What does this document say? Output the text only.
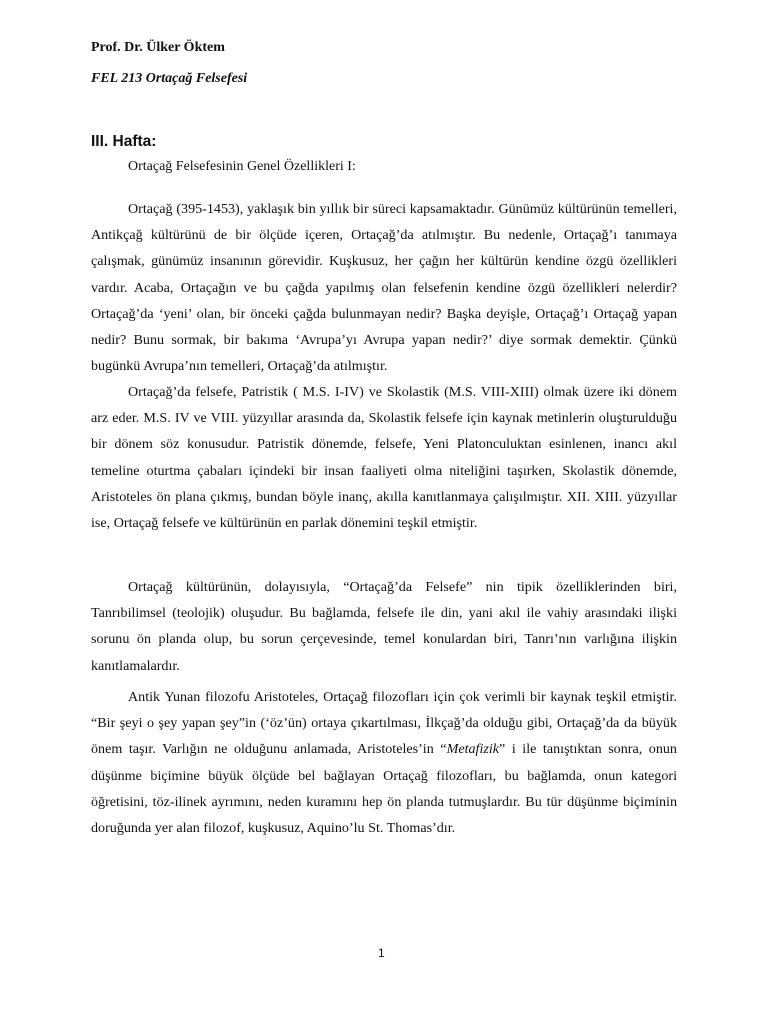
Prof. Dr. Ülker Öktem
FEL 213 Ortaçağ Felsefesi
III. Hafta:
Ortaçağ Felsefesinin Genel Özellikleri I:

Ortaçağ (395-1453), yaklaşık bin yıllık bir süreci kapsamaktadır. Günümüz kültürünün temelleri, Antikçağ kültürünü de bir ölçüde içeren, Ortaçağ’da atılmıştır. Bu nedenle, Ortaçağ’ı tanımaya çalışmak, günümüz insanının görevidir. Kuşkusuz, her çağın her kültürün kendine özgü özellikleri vardır. Acaba, Ortaçağın ve bu çağda yapılmış olan felsefenin kendine özgü özellikleri nelerdir? Ortaçağ’da ‘yeni’ olan, bir önceki çağda bulunmayan nedir? Başka deyişle, Ortaçağ’ı Ortaçağ yapan nedir? Bunu sormak, bir bakıma ‘Avrupa’yı Avrupa yapan nedir?’ diye sormak demektir. Çünkü bugünkü Avrupa’nın temelleri, Ortaçağ’da atılmıştır.

Ortaçağ’da felsefe, Patristik ( M.S. I-IV) ve Skolastik (M.S. VIII-XIII) olmak üzere iki dönem arz eder. M.S. IV ve VIII. yüzyıllar arasında da, Skolastik felsefe için kaynak metinlerin oluşturulduğu bir dönem söz konusudur. Patristik dönemde, felsefe, Yeni Platonculuktan esinlenen, inancı akıl temeline oturtma çabaları içindeki bir insan faaliyeti olma niteliğini taşırken, Skolastik dönemde, Aristoteles ön plana çıkmış, bundan böyle inanç, akılla kanıtlanmaya çalışılmıştır. XII. XIII. yüzyıllar ise, Ortaçağ felsefe ve kültürünün en parlak dönemini teşkil etmiştir.

Ortaçağ kültürünün, dolayısıyla, “Ortaçağ’da Felsefe” nin tipik özelliklerinden biri, Tanrıbilimsel (teolojik) oluşudur. Bu bağlamda, felsefe ile din, yani akıl ile vahiy arasındaki ilişki sorunu ön planda olup, bu sorun çerçevesinde, temel konulardan biri, Tanrı’nın varlığına ilişkin kanıtlamalardır.

Antik Yunan filozofu Aristoteles, Ortaçağ filozofları için çok verimli bir kaynak teşkil etmiştir. “Bir şeyi o şey yapan şey”in (‘öz’ün) ortaya çıkartılması, İlkçağ’da olduğu gibi, Ortaçağ’da da büyük önem taşır. Varlığın ne olduğunu anlamada, Aristoteles’in “Metafizik” i ile tanıştıktan sonra, onun düşünme biçimine büyük ölçüde bel bağlayan Ortaçağ filozofları, bu bağlamda, onun kategori öğretisini, töz-ilinek ayrımını, neden kuramını hep ön planda tutmuşlardır. Bu tür düşünme biçiminin doruğunda yer alan filozof, kuşkusuz, Aquino’lu St. Thomas’dır.

1
